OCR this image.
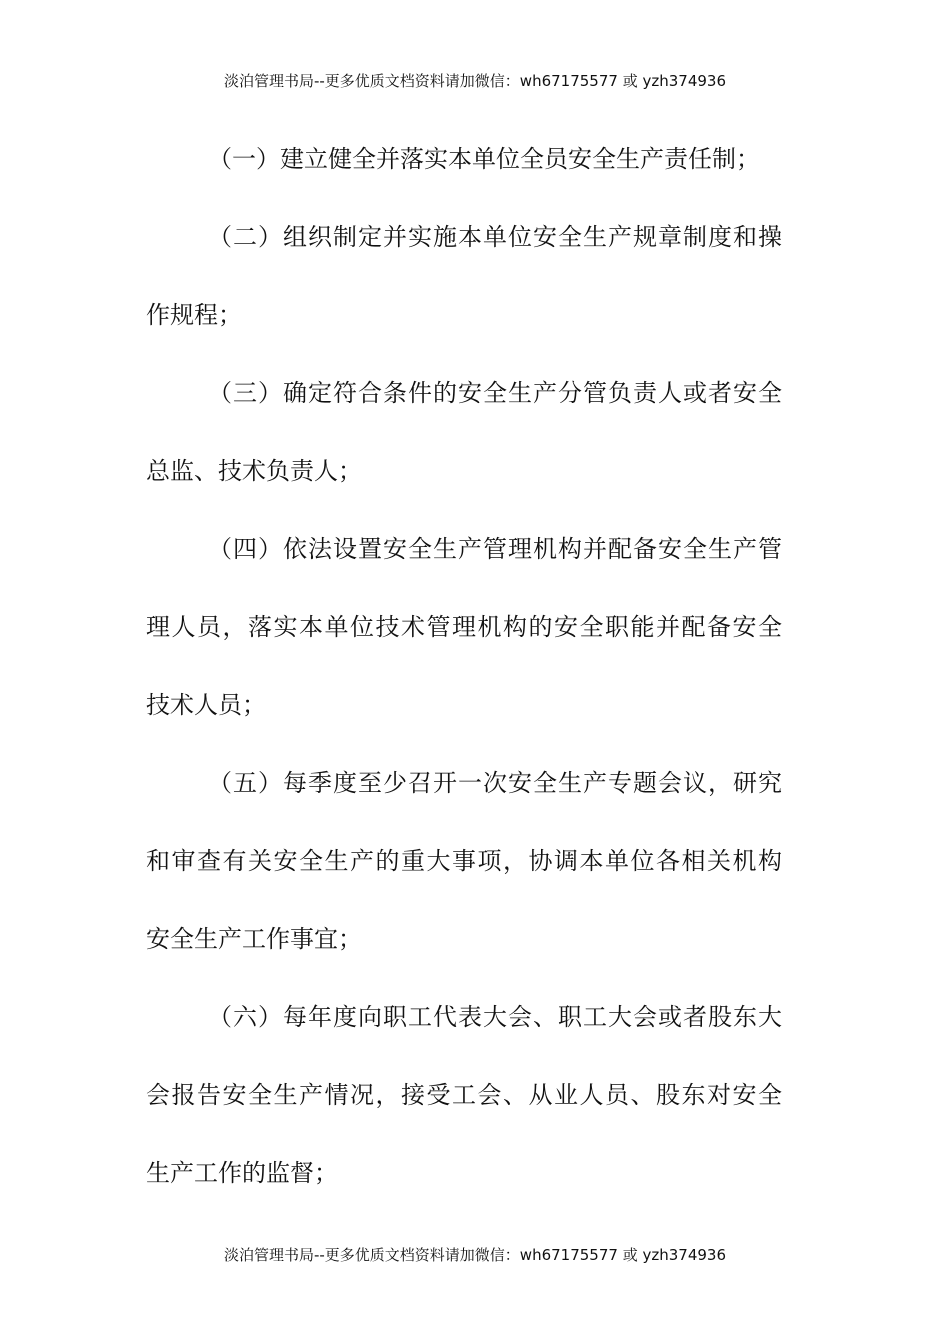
淡泊管理书局--更多优质文档资料请加微信：wh67175577 或 yzh374936
（一）建立健全并落实本单位全员安全生产责任制；
（二）组织制定并实施本单位安全生产规章制度和操
作规程；
（三）确定符合条件的安全生产分管负责人或者安全
总监、技术负责人；
（四）依法设置安全生产管理机构并配备安全生产管
理人员，落实本单位技术管理机构的安全职能并配备安全
技术人员；
（五）每季度至少召开一次安全生产专题会议，研究
和审查有关安全生产的重大事项，协调本单位各相关机构
安全生产工作事宜；
（六）每年度向职工代表大会、职工大会或者股东大
会报告安全生产情况，接受工会、从业人员、股东对安全
生产工作的监督；
淡泊管理书局--更多优质文档资料请加微信：wh67175577 或 yzh374936
